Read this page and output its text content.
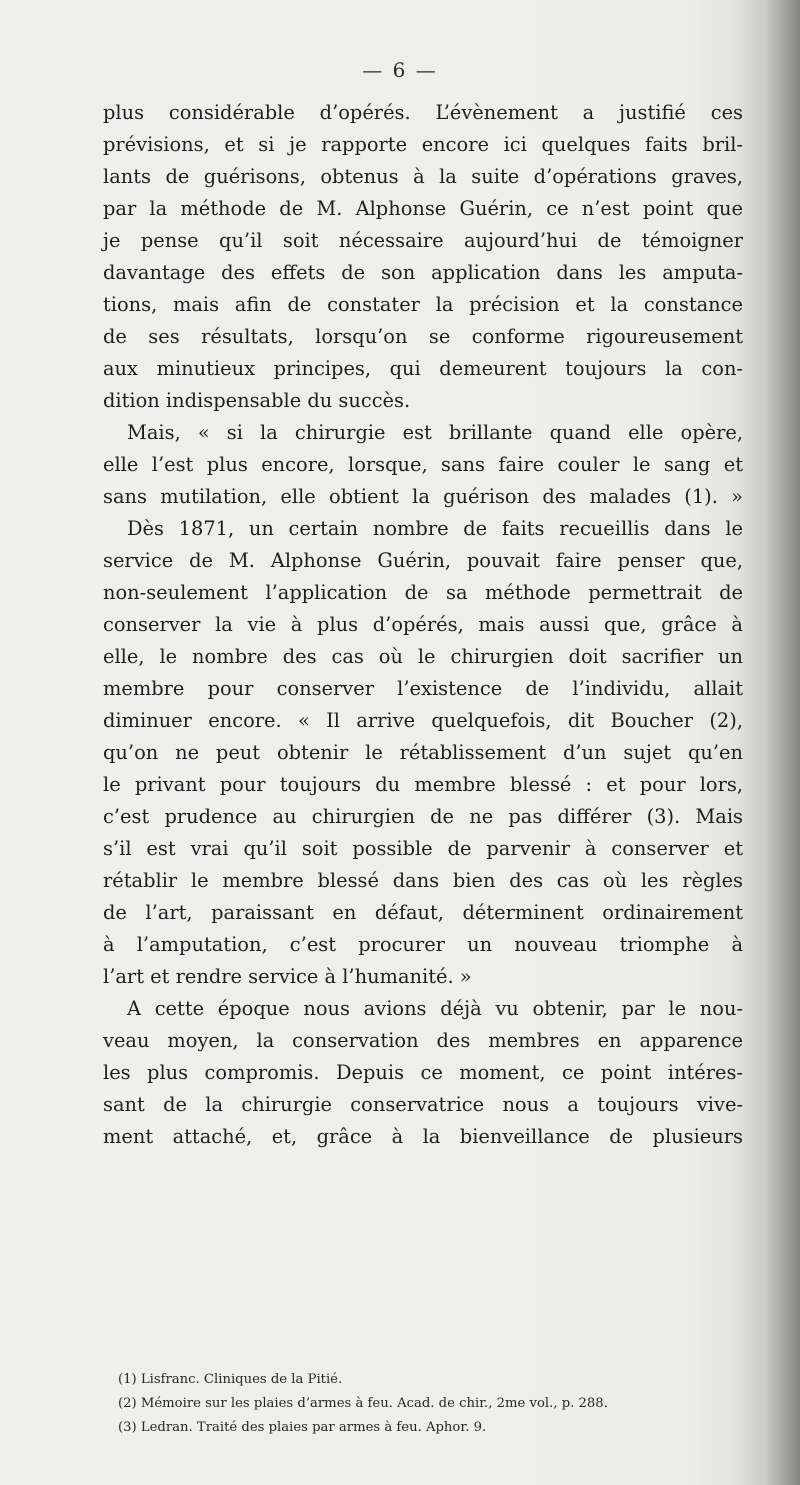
— 6 —
plus considérable d’opérés. L’évènement a justifié ces
prévisions, et si je rapporte encore ici quelques faits bril-
lants de guérisons, obtenus à la suite d’opérations graves,
par la méthode de M. Alphonse Guérin, ce n’est point que
je pense qu’il soit nécessaire aujourd’hui de témoigner
davantage des effets de son application dans les amputa-
tions, mais afin de constater la précision et la constance
de ses résultats, lorsqu’on se conforme rigoureusement
aux minutieux principes, qui demeurent toujours la con-
dition indispensable du succès.
Mais, « si la chirurgie est brillante quand elle opère,
elle l’est plus encore, lorsque, sans faire couler le sang et
sans mutilation, elle obtient la guérison des malades (1). »
Dès 1871, un certain nombre de faits recueillis dans le
service de M. Alphonse Guérin, pouvait faire penser que,
non-seulement l’application de sa méthode permettrait de
conserver la vie à plus d’opérés, mais aussi que, grâce à
elle, le nombre des cas où le chirurgien doit sacrifier un
membre pour conserver l’existence de l’individu, allait
diminuer encore. « Il arrive quelquefois, dit Boucher (2),
qu’on ne peut obtenir le rétablissement d’un sujet qu’en
le privant pour toujours du membre blessé : et pour lors,
c’est prudence au chirurgien de ne pas différer (3). Mais
s’il est vrai qu’il soit possible de parvenir à conserver et
rétablir le membre blessé dans bien des cas où les règles
de l’art, paraissant en défaut, déterminent ordinairement
à l’amputation, c’est procurer un nouveau triomphe à
l’art et rendre service à l’humanité. »
A cette époque nous avions déjà vu obtenir, par le nou-
veau moyen, la conservation des membres en apparence
les plus compromis. Depuis ce moment, ce point intéres-
sant de la chirurgie conservatrice nous a toujours vive-
ment attaché, et, grâce à la bienveillance de plusieurs
(1) Lisfranc. Cliniques de la Pitié.
(2) Mémoire sur les plaies d’armes à feu. Acad. de chir., 2me vol., p. 288.
(3) Ledran. Traité des plaies par armes à feu. Aphor. 9.
